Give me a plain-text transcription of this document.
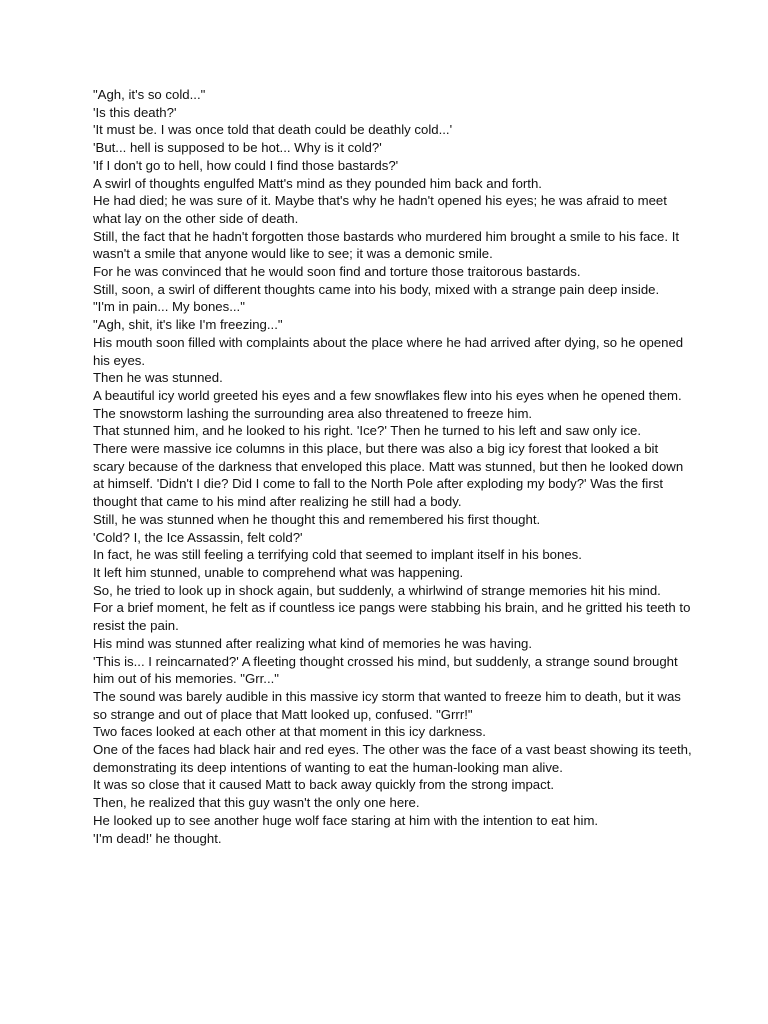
"Agh, it's so cold..."

'Is this death?'

'It must be. I was once told that death could be deathly cold...'

'But... hell is supposed to be hot... Why is it cold?'

'If I don't go to hell, how could I find those bastards?'

A swirl of thoughts engulfed Matt's mind as they pounded him back and forth.

He had died; he was sure of it. Maybe that's why he hadn't opened his eyes; he was afraid to meet what lay on the other side of death.

Still, the fact that he hadn't forgotten those bastards who murdered him brought a smile to his face. It wasn't a smile that anyone would like to see; it was a demonic smile.

For he was convinced that he would soon find and torture those traitorous bastards.

Still, soon, a swirl of different thoughts came into his body, mixed with a strange pain deep inside.

"I'm in pain... My bones..."

"Agh, shit, it's like I'm freezing..."

His mouth soon filled with complaints about the place where he had arrived after dying, so he opened his eyes.

Then he was stunned.

A beautiful icy world greeted his eyes and a few snowflakes flew into his eyes when he opened them. The snowstorm lashing the surrounding area also threatened to freeze him.

That stunned him, and he looked to his right. 'Ice?' Then he turned to his left and saw only ice.

There were massive ice columns in this place, but there was also a big icy forest that looked a bit scary because of the darkness that enveloped this place. Matt was stunned, but then he looked down at himself. 'Didn't I die? Did I come to fall to the North Pole after exploding my body?' Was the first thought that came to his mind after realizing he still had a body.

Still, he was stunned when he thought this and remembered his first thought.

'Cold? I, the Ice Assassin, felt cold?'

In fact, he was still feeling a terrifying cold that seemed to implant itself in his bones.

It left him stunned, unable to comprehend what was happening.

So, he tried to look up in shock again, but suddenly, a whirlwind of strange memories hit his mind.

For a brief moment, he felt as if countless ice pangs were stabbing his brain, and he gritted his teeth to resist the pain.

His mind was stunned after realizing what kind of memories he was having.

'This is... I reincarnated?' A fleeting thought crossed his mind, but suddenly, a strange sound brought him out of his memories. "Grr..."

The sound was barely audible in this massive icy storm that wanted to freeze him to death, but it was so strange and out of place that Matt looked up, confused. "Grrr!"

Two faces looked at each other at that moment in this icy darkness.

One of the faces had black hair and red eyes. The other was the face of a vast beast showing its teeth, demonstrating its deep intentions of wanting to eat the human-looking man alive.

It was so close that it caused Matt to back away quickly from the strong impact.

Then, he realized that this guy wasn't the only one here.

He looked up to see another huge wolf face staring at him with the intention to eat him.

'I'm dead!' he thought.
